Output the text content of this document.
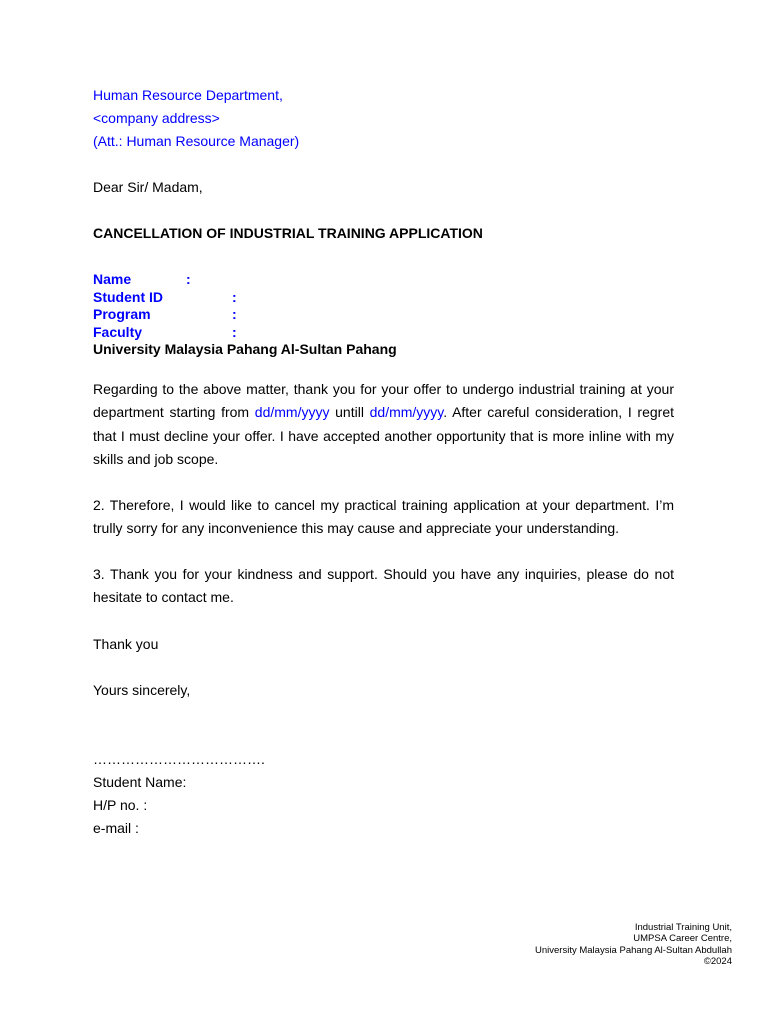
Human Resource Department,
<company address>
(Att.: Human Resource Manager)
Dear Sir/ Madam,
CANCELLATION OF INDUSTRIAL TRAINING APPLICATION
Name	:
Student ID	:
Program	:
Faculty	:
University Malaysia Pahang Al-Sultan Pahang
Regarding to the above matter, thank you for your offer to undergo industrial training at your department starting from dd/mm/yyyy untill dd/mm/yyyy. After careful consideration, I regret that I must decline your offer. I have accepted another opportunity that is more inline with my skills and job scope.
2. Therefore, I would like to cancel my practical training application at your department. I’m trully sorry for any inconvenience this may cause and appreciate your understanding.
3. Thank you for your kindness and support. Should you have any inquiries, please do not hesitate to contact me.
Thank you
Yours sincerely,
……………………………….
Student Name:
H/P no. :
e-mail :
Industrial Training Unit,
UMPSA Career Centre,
University Malaysia Pahang Al-Sultan Abdullah
©2024
